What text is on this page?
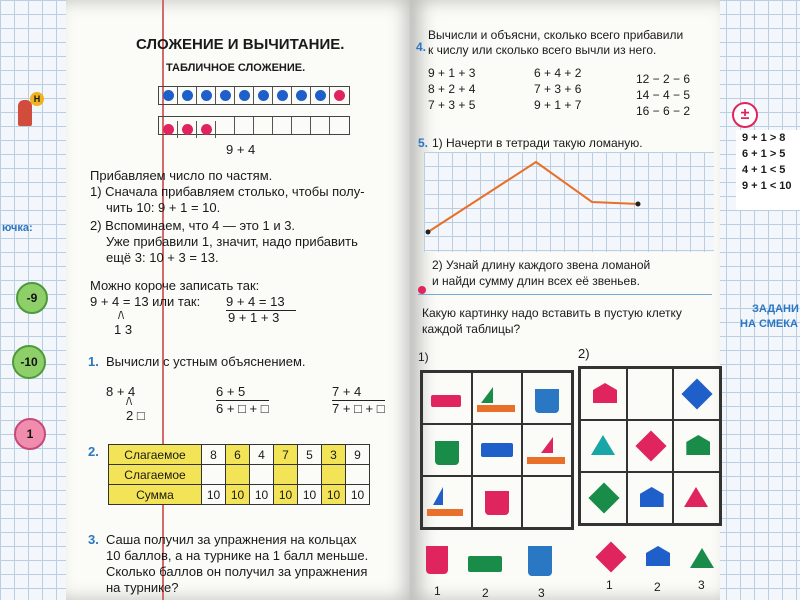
Н
ючка:
-9
-10
1
±
ЗАДАНИ
НА СМЕКА
9 + 1 > 8
6 + 1 > 5
4 + 1 < 5
9 + 1 < 10
СЛОЖЕНИЕ И ВЫЧИТАНИЕ.
ТАБЛИЧНОЕ СЛОЖЕНИЕ.
9 + 4
Прибавляем число по частям.
1) Сначала прибавляем столько, чтобы полу-
чить 10: 9 + 1 = 10.
2) Вспоминаем, что 4 — это 1 и 3.
Уже прибавили 1, значит, надо прибавить
ещё 3: 10 + 3 = 13.
Можно короче записать так:
9 + 4 = 13 или так: 9 + 4 = 13
9 + 1 + 3
/\
1 3
1. Вычисли с устным объяснением.
8 + 4
/\
2 □
6 + 5
6 + □ + □
7 + 4
7 + □ + □
2. Слагаемое	8	6	4	7	5	3	9
Слагаемое							
Сумма	10	10	10	10	10	10	10
3. Саша получил за упражнения на кольцах
10 баллов, а на турнике на 1 балл меньше.
Сколько баллов он получил за упражнения
на турнике?
4.
Вычисли и объясни, сколько всего прибавили
к числу или сколько всего вычли из него.
9 + 1 + 3	6 + 4 + 2	12 − 2 − 6
8 + 2 + 4	7 + 3 + 6	14 − 4 − 5
7 + 3 + 5	9 + 1 + 7	16 − 6 − 2
5. 1) Начерти в тетради такую ломаную.
2) Узнай длину каждого звена ломаной
и найди сумму длин всех её звеньев.
Какую картинку надо вставить в пустую клетку
каждой таблицы?
1)	2)
1	2	3
1	2	3
